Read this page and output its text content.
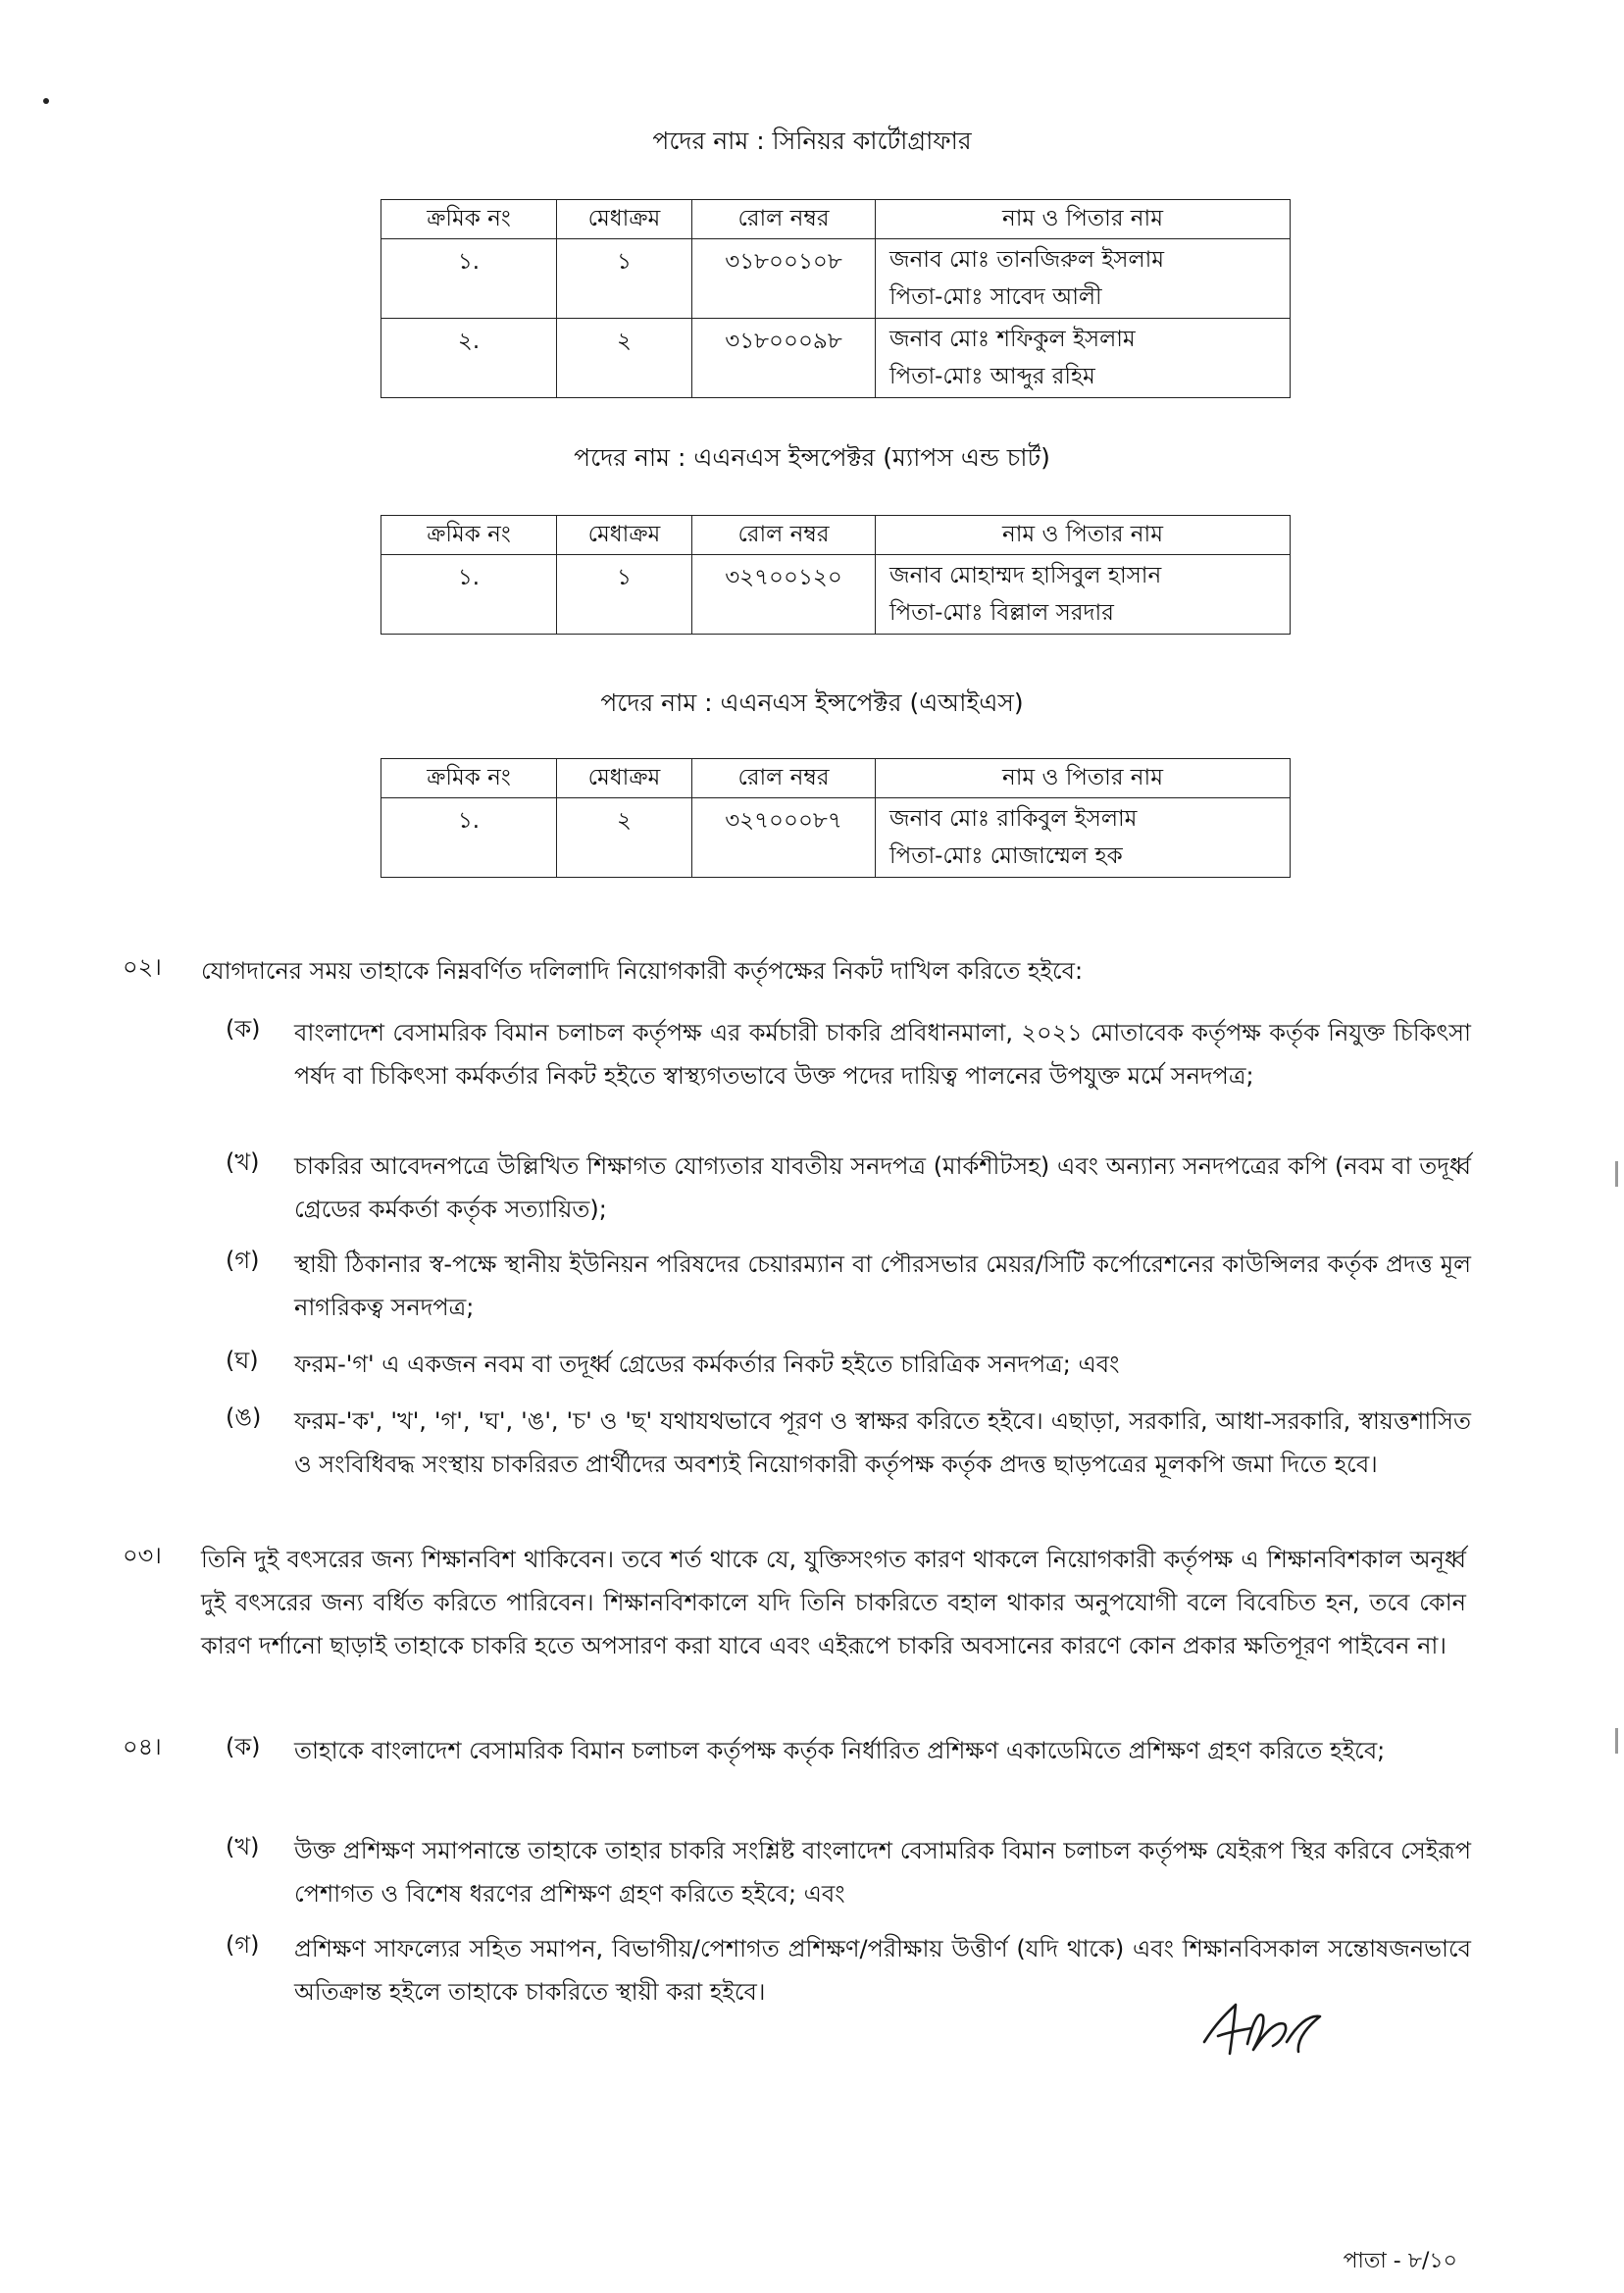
পদের নাম : সিনিয়র কার্টোগ্রাফার
ক্রমিক নং	মেধাক্রম	রোল নম্বর	নাম ও পিতার নাম
১.	১	৩১৮০০১০৮	জনাব মোঃ তানজিরুল ইসলাম
পিতা-মোঃ সাবেদ আলী

২.	২	৩১৮০০০৯৮	জনাব মোঃ শফিকুল ইসলাম
পিতা-মোঃ আব্দুর রহিম
পদের নাম : এএনএস ইন্সপেক্টর (ম্যাপস এন্ড চার্ট)
ক্রমিক নং	মেধাক্রম	রোল নম্বর	নাম ও পিতার নাম
১.	১	৩২৭০০১২০	জনাব মোহাম্মদ হাসিবুল হাসান
পিতা-মোঃ বিল্লাল সরদার
পদের নাম : এএনএস ইন্সপেক্টর (এআইএস)
ক্রমিক নং	মেধাক্রম	রোল নম্বর	নাম ও পিতার নাম
১.	২	৩২৭০০০৮৭	জনাব মোঃ রাকিবুল ইসলাম
পিতা-মোঃ মোজাম্মেল হক
০২।	যোগদানের সময় তাহাকে নিম্নবর্ণিত দলিলাদি নিয়োগকারী কর্তৃপক্ষের নিকট দাখিল করিতে হইবে:
(ক) বাংলাদেশ বেসামরিক বিমান চলাচল কর্তৃপক্ষ এর কর্মচারী চাকরি প্রবিধানমালা, ২০২১ মোতাবেক কর্তৃপক্ষ কর্তৃক নিযুক্ত চিকিৎসা পর্ষদ বা চিকিৎসা কর্মকর্তার নিকট হইতে স্বাস্থ্যগতভাবে উক্ত পদের দায়িত্ব পালনের উপযুক্ত মর্মে সনদপত্র;
(খ) চাকরির আবেদনপত্রে উল্লিখিত শিক্ষাগত যোগ্যতার যাবতীয় সনদপত্র (মার্কশীটসহ) এবং অন্যান্য সনদপত্রের কপি (নবম বা তদূর্ধ্ব গ্রেডের কর্মকর্তা কর্তৃক সত্যায়িত);
(গ) স্থায়ী ঠিকানার স্ব-পক্ষে স্থানীয় ইউনিয়ন পরিষদের চেয়ারম্যান বা পৌরসভার মেয়র/সিটি কর্পোরেশনের কাউন্সিলর কর্তৃক প্রদত্ত মূল নাগরিকত্ব সনদপত্র;
(ঘ) ফরম-'গ' এ একজন নবম বা তদূর্ধ্ব গ্রেডের কর্মকর্তার নিকট হইতে চারিত্রিক সনদপত্র; এবং
(ঙ) ফরম-'ক', 'খ', 'গ', 'ঘ', 'ঙ', 'চ' ও 'ছ' যথাযথভাবে পূরণ ও স্বাক্ষর করিতে হইবে। এছাড়া, সরকারি, আধা-সরকারি, স্বায়ত্তশাসিত ও সংবিধিবদ্ধ সংস্থায় চাকরিরত প্রার্থীদের অবশ্যই নিয়োগকারী কর্তৃপক্ষ কর্তৃক প্রদত্ত ছাড়পত্রের মূলকপি জমা দিতে হবে।
০৩।	তিনি দুই বৎসরের জন্য শিক্ষানবিশ থাকিবেন। তবে শর্ত থাকে যে, যুক্তিসংগত কারণ থাকলে নিয়োগকারী কর্তৃপক্ষ এ শিক্ষানবিশকাল অনূর্ধ্ব দুই বৎসরের জন্য বর্ধিত করিতে পারিবেন। শিক্ষানবিশকালে যদি তিনি চাকরিতে বহাল থাকার অনুপযোগী বলে বিবেচিত হন, তবে কোন কারণ দর্শানো ছাড়াই তাহাকে চাকরি হতে অপসারণ করা যাবে এবং এইরূপে চাকরি অবসানের কারণে কোন প্রকার ক্ষতিপূরণ পাইবেন না।
০৪।	(ক) তাহাকে বাংলাদেশ বেসামরিক বিমান চলাচল কর্তৃপক্ষ কর্তৃক নির্ধারিত প্রশিক্ষণ একাডেমিতে প্রশিক্ষণ গ্রহণ করিতে হইবে;
(খ) উক্ত প্রশিক্ষণ সমাপনান্তে তাহাকে তাহার চাকরি সংশ্লিষ্ট বাংলাদেশ বেসামরিক বিমান চলাচল কর্তৃপক্ষ যেইরূপ স্থির করিবে সেইরূপ পেশাগত ও বিশেষ ধরণের প্রশিক্ষণ গ্রহণ করিতে হইবে; এবং
(গ) প্রশিক্ষণ সাফল্যের সহিত সমাপন, বিভাগীয়/পেশাগত প্রশিক্ষণ/পরীক্ষায় উত্তীর্ণ (যদি থাকে) এবং শিক্ষানবিসকাল সন্তোষজনভাবে অতিক্রান্ত হইলে তাহাকে চাকরিতে স্থায়ী করা হইবে।
পাতা - ৮/১০
